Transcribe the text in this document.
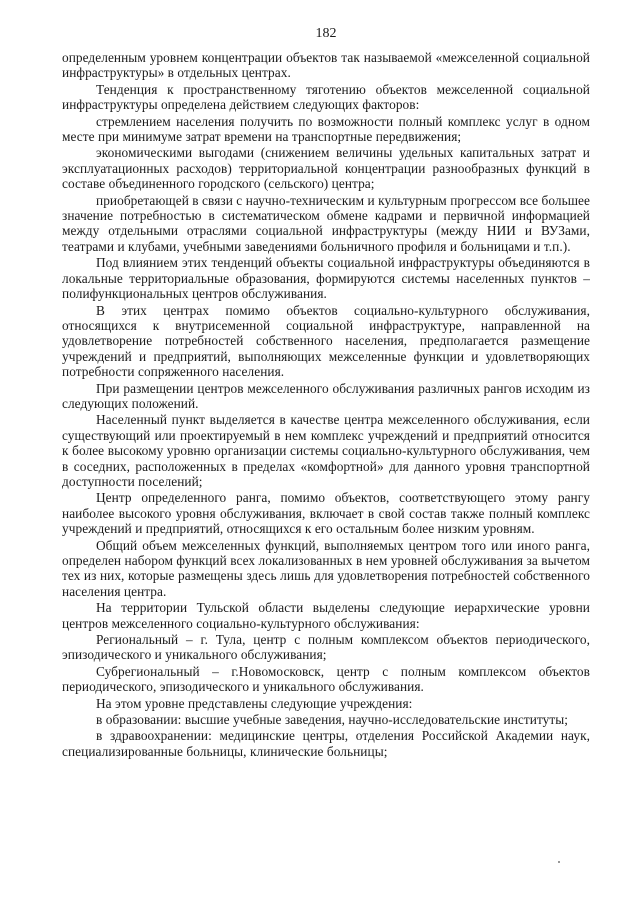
182

определенным уровнем концентрации объектов так называемой «межселенной социальной инфраструктуры» в отдельных центрах.

Тенденция к пространственному тяготению объектов межселенной социальной инфраструктуры определена действием следующих факторов:

стремлением населения получить по возможности полный комплекс услуг в одном месте при минимуме затрат времени на транспортные передвижения;

экономическими выгодами (снижением величины удельных капитальных затрат и эксплуатационных расходов) территориальной концентрации разнообразных функций в составе объединенного городского (сельского) центра;

приобретающей в связи с научно-техническим и культурным прогрессом все большее значение потребностью в систематическом обмене кадрами и первичной информацией между отдельными отраслями социальной инфраструктуры (между НИИ и ВУЗами, театрами и клубами, учебными заведениями больничного профиля и больницами и т.п.).

Под влиянием этих тенденций объекты социальной инфраструктуры объединяются в локальные территориальные образования, формируются системы населенных пунктов – полифункциональных центров обслуживания.

В этих центрах помимо объектов социально-культурного обслуживания, относящихся к внутрисеменной социальной инфраструктуре, направленной на удовлетворение потребностей собственного населения, предполагается размещение учреждений и предприятий, выполняющих межселенные функции и удовлетворяющих потребности сопряженного населения.

При размещении центров межселенного обслуживания различных рангов исходим из следующих положений.

Населенный пункт выделяется в качестве центра межселенного обслуживания, если существующий или проектируемый в нем комплекс учреждений и предприятий относится к более высокому уровню организации системы социально-культурного обслуживания, чем в соседних, расположенных в пределах «комфортной» для данного уровня транспортной доступности поселений;

Центр определенного ранга, помимо объектов, соответствующего этому рангу наиболее высокого уровня обслуживания, включает в свой состав также полный комплекс учреждений и предприятий, относящихся к его остальным более низким уровням.

Общий объем межселенных функций, выполняемых центром того или иного ранга, определен набором функций всех локализованных в нем уровней обслуживания за вычетом тех из них, которые размещены здесь лишь для удовлетворения потребностей собственного населения центра.

На территории Тульской области выделены следующие иерархические уровни центров межселенного социально-культурного обслуживания:

Региональный – г. Тула, центр с полным комплексом объектов периодического, эпизодического и уникального обслуживания;

Субрегиональный – г.Новомосковск, центр с полным комплексом объектов периодического, эпизодического и уникального обслуживания.

На этом уровне представлены следующие учреждения:

в образовании: высшие учебные заведения, научно-исследовательские институты;

в здравоохранении: медицинские центры, отделения Российской Академии наук, специализированные больницы, клинические больницы;
